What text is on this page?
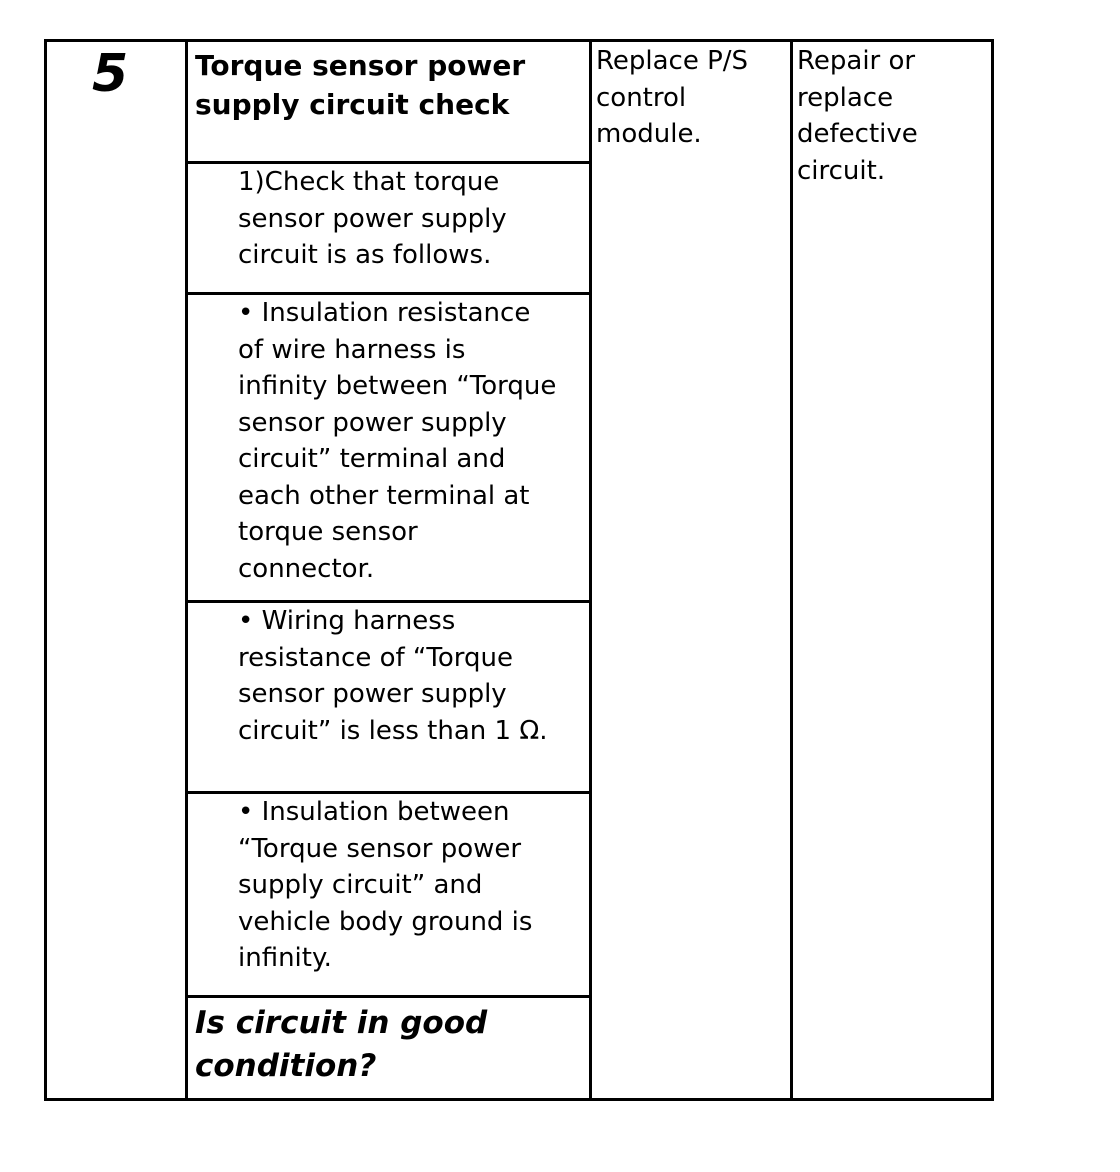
5 Torque sensor power
supply circuit check
1)Check that torque
sensor power supply
circuit is as follows.
• Insulation resistance
of wire harness is
infinity between “Torque
sensor power supply
circuit” terminal and
each other terminal at
torque sensor
connector.
• Wiring harness
resistance of “Torque
sensor power supply
circuit” is less than 1 Ω.
• Insulation between
“Torque sensor power
supply circuit” and
vehicle body ground is
infinity.
Is circuit in good
condition?
Replace P/S
control
module.
Repair or
replace
defective
circuit.
